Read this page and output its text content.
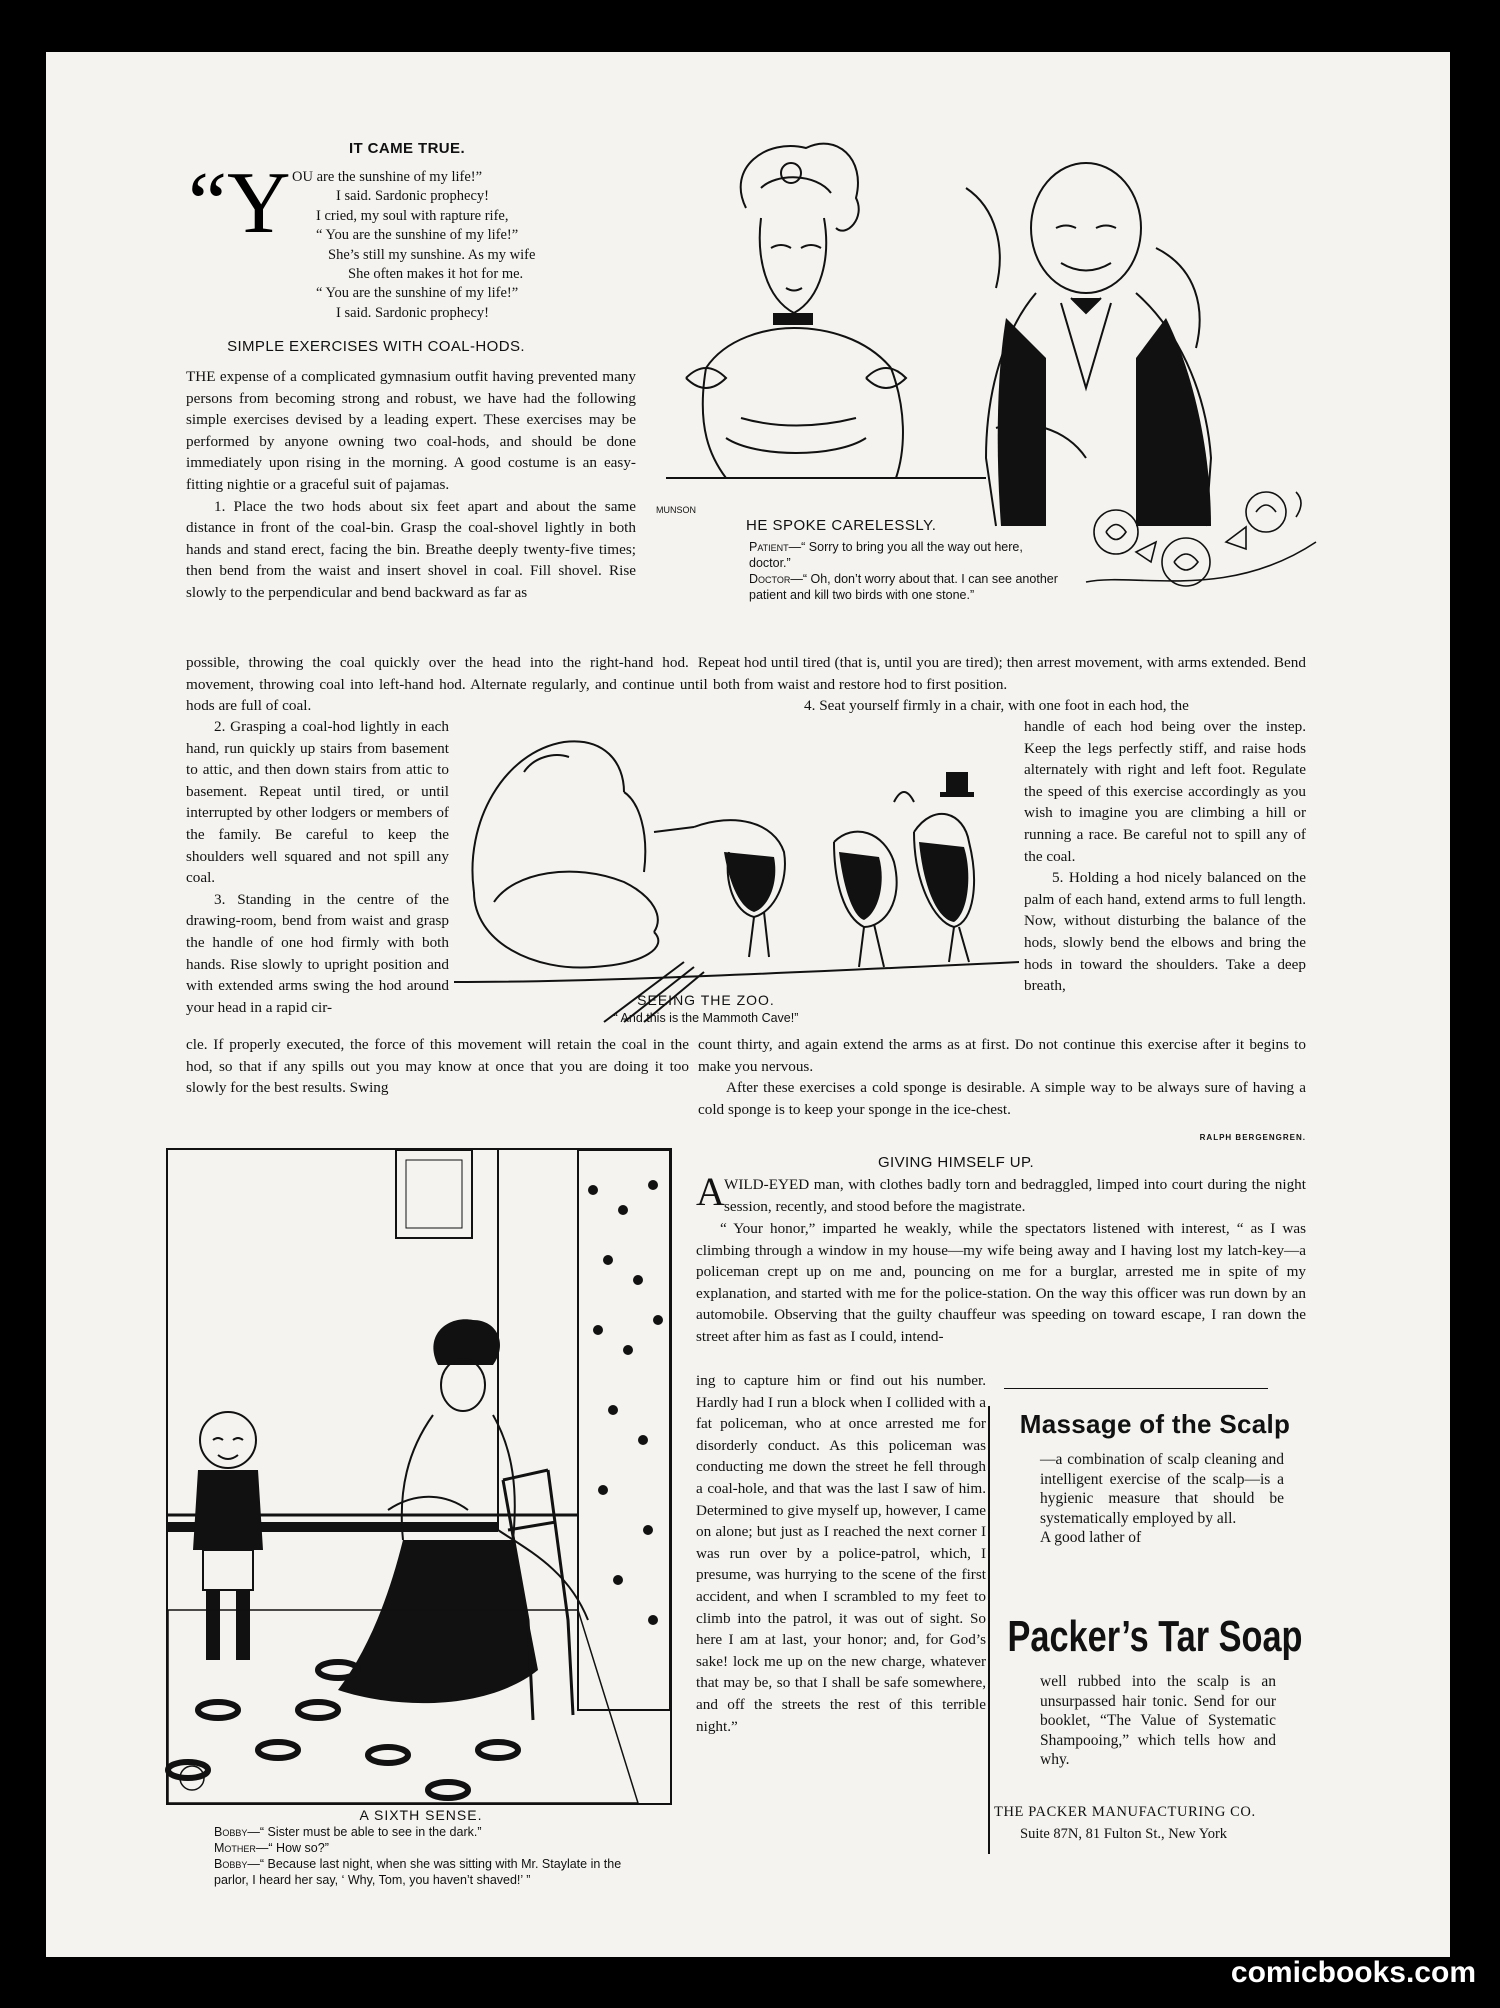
IT CAME TRUE.
“Y OU are the sunshine of my life!”
I said. Sardonic prophecy!
I cried, my soul with rapture rife,
“ You are the sunshine of my life!”
She’s still my sunshine. As my wife
She often makes it hot for me.
“ You are the sunshine of my life!”
I said. Sardonic prophecy!
SIMPLE EXERCISES WITH COAL-HODS.

THE expense of a complicated gymnasium outfit having prevented many persons from becoming strong and robust, we have had the following simple exercises devised by a leading expert. These exercises may be performed by anyone owning two coal-hods, and should be done immediately upon rising in the morning. A good costume is an easy-fitting nightie or a graceful suit of pajamas.

1. Place the two hods about six feet apart and about the same distance in front of the coal-bin. Grasp the coal-shovel lightly in both hands and stand erect, facing the bin. Breathe deeply twenty-five times; then bend from the waist and insert shovel in coal. Fill shovel. Rise slowly to the perpendicular and bend backward as far as

possible, throwing the coal quickly over the head into the right-hand hod. Repeat movement, throwing coal into left-hand hod. Alternate regularly, and continue until both hods are full of coal.
hod until tired (that is, until you are tired); then arrest movement, with arms extended. Bend from waist and restore hod to first position.
4. Seat yourself firmly in a chair, with one foot in each hod, the

2. Grasping a coal-hod lightly in each hand, run quickly up stairs from basement to attic, and then down stairs from attic to basement. Repeat until tired, or until interrupted by other lodgers or members of the family. Be careful to keep the shoulders well squared and not spill any coal.

3. Standing in the centre of the drawing-room, bend from waist and grasp the handle of one hod firmly with both hands. Rise slowly to upright position and with extended arms swing the hod around your head in a rapid cir-

handle of each hod being over the instep. Keep the legs perfectly stiff, and raise hods alternately with right and left foot. Regulate the speed of this exercise accordingly as you wish to imagine you are climbing a hill or running a race. Be careful not to spill any of the coal.

5. Holding a hod nicely balanced on the palm of each hand, extend arms to full length. Now, without disturbing the balance of the hods, slowly bend the elbows and bring the hods in toward the shoulders. Take a deep breath,

cle. If properly executed, the force of this movement will retain the coal in the hod, so that if any spills out you may know at once that you are doing it too slowly for the best results. Swing

count thirty, and again extend the arms as at first. Do not continue this exercise after it begins to make you nervous.

After these exercises a cold sponge is desirable. A simple way to be always sure of having a cold sponge is to keep your sponge in the ice-chest.

RALPH BERGENGREN.
MUNSON
HE SPOKE CARELESSLY.
Patient—“ Sorry to bring you all the way out here, doctor.”
Doctor—“ Oh, don’t worry about that. I can see another patient and kill two birds with one stone.”
SEEING THE ZOO.
“ And this is the Mammoth Cave!”
A SIXTH SENSE.
Bobby—“ Sister must be able to see in the dark.”
Mother—“ How so?”
Bobby—“ Because last night, when she was sitting with Mr. Staylate in the parlor, I heard her say, ‘ Why, Tom, you haven’t shaved!’ ”
GIVING HIMSELF UP.
A WILD-EYED man, with clothes badly torn and bedraggled, limped into court during the night session, recently, and stood before the magistrate.
“ Your honor,” imparted he weakly, while the spectators listened with interest, “ as I was climbing through a window in my house—my wife being away and I having lost my latch-key—a policeman crept up on me and, pouncing on me for a burglar, arrested me in spite of my explanation, and started with me for the police-station. On the way this officer was run down by an automobile. Observing that the guilty chauffeur was speeding on toward escape, I ran down the street after him as fast as I could, intend-
ing to capture him or find out his number. Hardly had I run a block when I collided with a fat policeman, who at once arrested me for disorderly conduct. As this policeman was conducting me down the street he fell through a coal-hole, and that was the last I saw of him. Determined to give myself up, however, I came on alone; but just as I reached the next corner I was run over by a police-patrol, which, I presume, was hurrying to the scene of the first accident, and when I scrambled to my feet to climb into the patrol, it was out of sight. So here I am at last, your honor; and, for God’s sake! lock me up on the new charge, whatever that may be, so that I shall be safe somewhere, and off the streets the rest of this terrible night.”
Massage of the Scalp
—a combination of scalp cleaning and intelligent exercise of the scalp—is a hygienic measure that should be systematically employed by all.
A good lather of
Packer’s Tar Soap
well rubbed into the scalp is an unsurpassed hair tonic. Send for our booklet, “The Value of Systematic Shampooing,” which tells how and why.
THE PACKER MANUFACTURING CO.
Suite 87N, 81 Fulton St., New York
comicbooks.com
